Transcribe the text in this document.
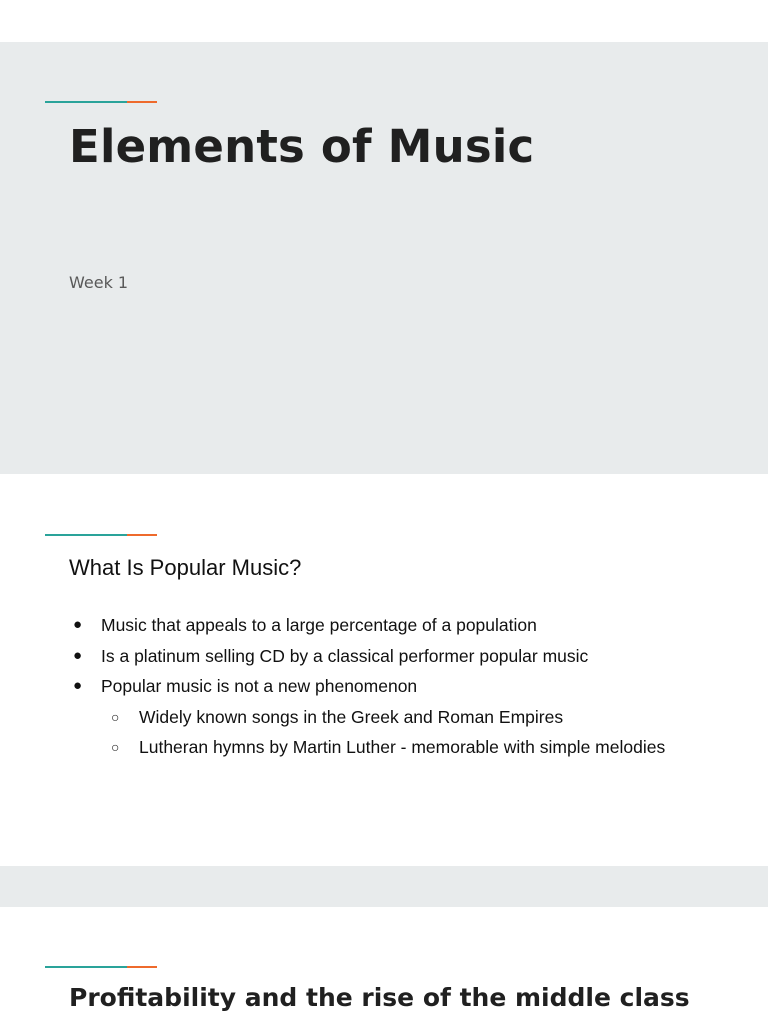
Elements of Music

Week 1

What Is Popular Music?
● Music that appeals to a large percentage of a population
● Is a platinum selling CD by a classical performer popular music
● Popular music is not a new phenomenon
○ Widely known songs in the Greek and Roman Empires
○ Lutheran hymns by Martin Luther - memorable with simple melodies
Profitability and the rise of the middle class
